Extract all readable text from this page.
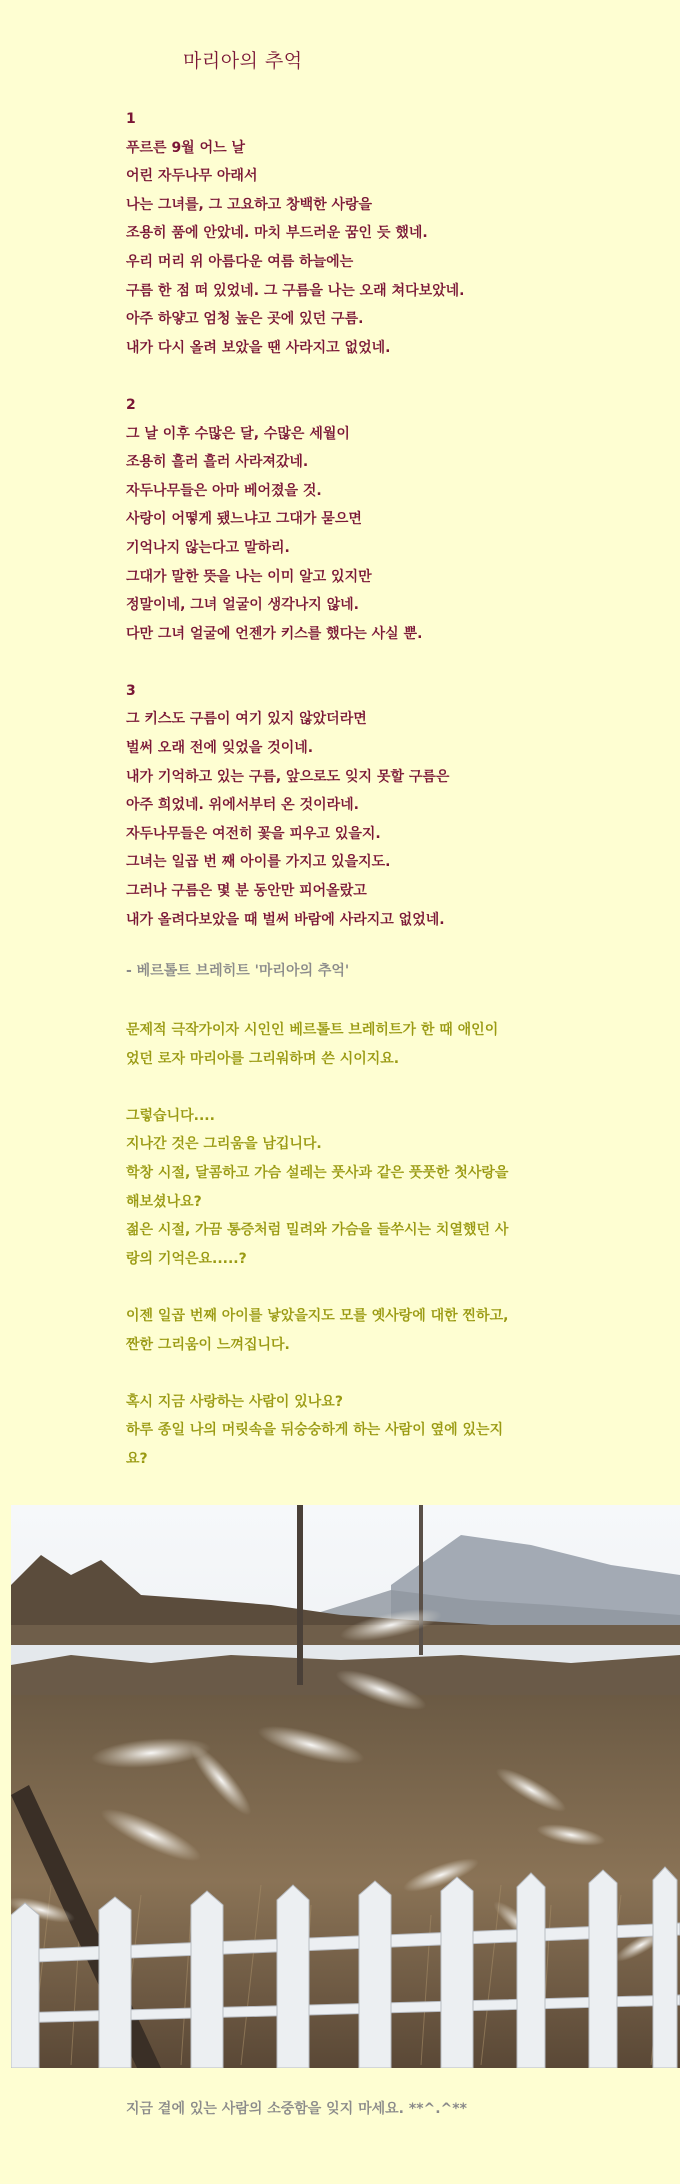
마리아의 추억
1
푸르른 9월 어느 날
어린 자두나무 아래서
나는 그녀를, 그 고요하고 창백한 사랑을
조용히 품에 안았네. 마치 부드러운 꿈인 듯 했네.
우리 머리 위 아름다운 여름 하늘에는
구름 한 점 떠 있었네. 그 구름을 나는 오래 쳐다보았네.
아주 하얗고 엄청 높은 곳에 있던 구름.
내가 다시 올려 보았을 땐 사라지고 없었네.
2
그 날 이후 수많은 달, 수많은 세월이
조용히 흘러 흘러 사라져갔네.
자두나무들은 아마 베어졌을 것.
사랑이 어떻게 됐느냐고 그대가 묻으면
기억나지 않는다고 말하리.
그대가 말한 뜻을 나는 이미 알고 있지만
정말이네, 그녀 얼굴이 생각나지 않네.
다만 그녀 얼굴에 언젠가 키스를 했다는 사실 뿐.
3
그 키스도 구름이 여기 있지 않았더라면
벌써 오래 전에 잊었을 것이네.
내가 기억하고 있는 구름, 앞으로도 잊지 못할 구름은
아주 희었네. 위에서부터 온 것이라네.
자두나무들은 여전히 꽃을 피우고 있을지.
그녀는 일곱 번 째 아이를 가지고 있을지도.
그러나 구름은 몇 분 동안만 피어올랐고
내가 올려다보았을 때 벌써 바람에 사라지고 없었네.
- 베르톨트 브레히트 '마리아의 추억'
문제적 극작가이자 시인인 베르톨트 브레히트가 한 때 애인이
었던 로자 마리아를 그리워하며 쓴 시이지요.
그렇습니다....
지나간 것은 그리움을 남깁니다.
학창 시절, 달콤하고 가슴 설레는 풋사과 같은 풋풋한 첫사랑을
해보셨나요?
젊은 시절, 가끔 통증처럼 밀려와 가슴을 들쑤시는 치열했던 사
랑의 기억은요.....?
이젠 일곱 번째 아이를 낳았을지도 모를 옛사랑에 대한 찐하고,
짠한 그리움이 느껴집니다.
혹시 지금 사랑하는 사람이 있나요?
하루 종일 나의 머릿속을 뒤숭숭하게 하는 사람이 옆에 있는지
요?
지금 곁에 있는 사람의 소중함을 잊지 마세요. **^.^**
